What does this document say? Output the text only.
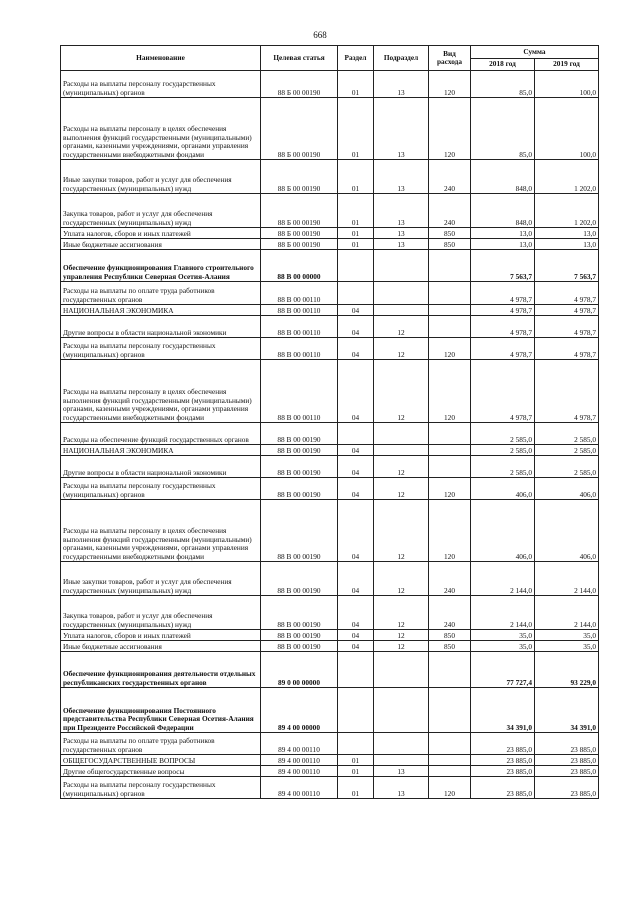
668
Наименование	Целевая статья	Раздел	Подраздел	Вид расхода	Сумма	
					2018 год	2019 год
Расходы на выплаты персоналу государственных (муниципальных) органов	88 Б 00 00190	01	13	120	85,0	100,0
Расходы на выплаты персоналу в целях обеспечения выполнения функций государственными (муниципальными) органами, казенными учреждениями, органами управления государственными внебюджетными фондами	88 Б 00 00190	01	13	120	85,0	100,0
Иные закупки товаров, работ и услуг для обеспечения государственных (муниципальных) нужд	88 Б 00 00190	01	13	240	848,0	1 202,0
Закупка товаров, работ и услуг для обеспечения государственных (муниципальных) нужд	88 Б 00 00190	01	13	240	848,0	1 202,0
Уплата налогов, сборов и иных платежей	88 Б 00 00190	01	13	850	13,0	13,0
Иные бюджетные ассигнования	88 Б 00 00190	01	13	850	13,0	13,0
Обеспечение функционирования Главного строительного управления Республики Северная Осетия-Алания	88 В 00 00000				7 563,7	7 563,7
Расходы на выплаты по оплате труда работников государственных органов	88 В 00 00110				4 978,7	4 978,7
НАЦИОНАЛЬНАЯ ЭКОНОМИКА	88 В 00 00110	04			4 978,7	4 978,7
Другие вопросы в области национальной экономики	88 В 00 00110	04	12		4 978,7	4 978,7
Расходы на выплаты персоналу государственных (муниципальных) органов	88 В 00 00110	04	12	120	4 978,7	4 978,7
Расходы на выплаты персоналу в целях обеспечения выполнения функций государственными (муниципальными) органами, казенными учреждениями, органами управления государственными внебюджетными фондами	88 В 00 00110	04	12	120	4 978,7	4 978,7
Расходы на обеспечение функций государственных органов	88 В 00 00190				2 585,0	2 585,0
НАЦИОНАЛЬНАЯ ЭКОНОМИКА	88 В 00 00190	04			2 585,0	2 585,0
Другие вопросы в области национальной экономики	88 В 00 00190	04	12		2 585,0	2 585,0
Расходы на выплаты персоналу государственных (муниципальных) органов	88 В 00 00190	04	12	120	406,0	406,0
Расходы на выплаты персоналу в целях обеспечения выполнения функций государственными (муниципальными) органами, казенными учреждениями, органами управления государственными внебюджетными фондами	88 В 00 00190	04	12	120	406,0	406,0
Иные закупки товаров, работ и услуг для обеспечения государственных (муниципальных) нужд	88 В 00 00190	04	12	240	2 144,0	2 144,0
Закупка товаров, работ и услуг для обеспечения государственных (муниципальных) нужд	88 В 00 00190	04	12	240	2 144,0	2 144,0
Уплата налогов, сборов и иных платежей	88 В 00 00190	04	12	850	35,0	35,0
Иные бюджетные ассигнования	88 В 00 00190	04	12	850	35,0	35,0
Обеспечение функционирования деятельности отдельных республиканских государственных органов	89 0 00 00000				77 727,4	93 229,0
Обеспечение функционирования Постоянного представительства Республики Северная Осетия-Алания при Президенте Российской Федерации	89 4 00 00000				34 391,0	34 391,0
Расходы на выплаты по оплате труда работников государственных органов	89 4 00 00110				23 885,0	23 885,0
ОБЩЕГОСУДАРСТВЕННЫЕ ВОПРОСЫ	89 4 00 00110	01			23 885,0	23 885,0
Другие общегосударственные вопросы	89 4 00 00110	01	13		23 885,0	23 885,0
Расходы на выплаты персоналу государственных (муниципальных) органов	89 4 00 00110	01	13	120	23 885,0	23 885,0
